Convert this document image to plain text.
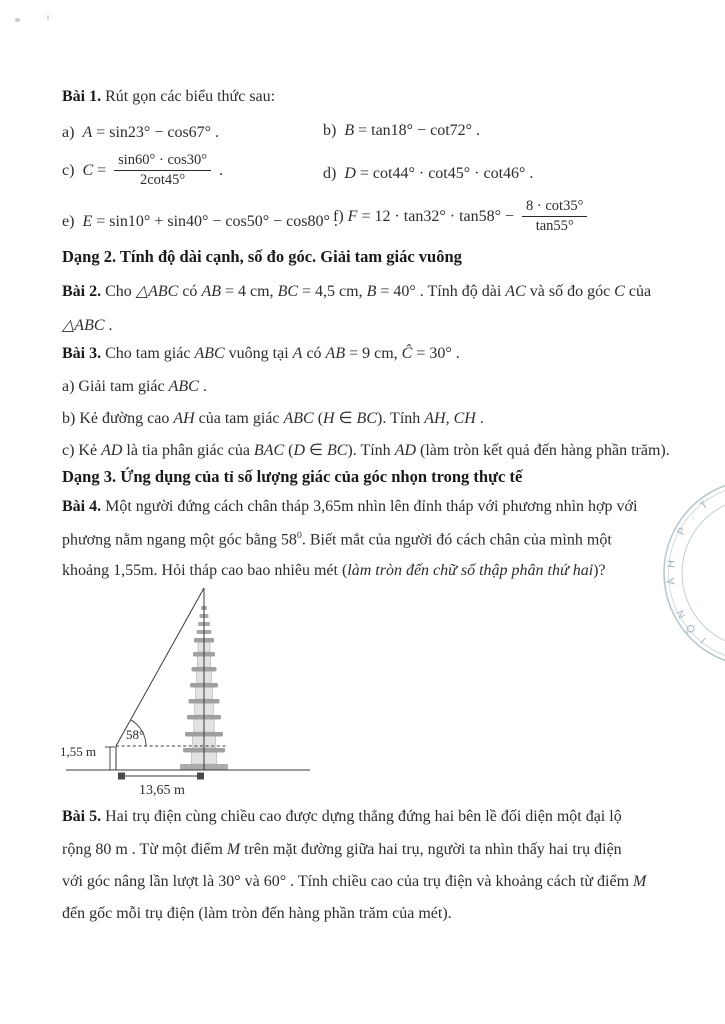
Bài 1. Rút gọn các biểu thức sau:
a)  A = sin23° − cos67° .	b)  B = tan18° − cot72° .
c) $C = \frac{\sin 60^\circ \cdot \cos 30^\circ}{2\cot 45^\circ}$ .	d)  D = cot44° · cot45° · cot46° .
e)  E = sin10° + sin40° − cos50° − cos80° .
f) $F = 12 \cdot \tan 32^\circ \cdot \tan 58^\circ - \frac{8 \cdot \cot 35^\circ}{\tan 55^\circ}$
Dạng 2. Tính độ dài cạnh, số đo góc. Giải tam giác vuông
Bài 2. Cho △ABC có AB = 4 cm, BC = 4,5 cm, B = 40° . Tính độ dài AC và số đo góc C của
△ABC .
Bài 3. Cho tam giác ABC vuông tại A có AB = 9 cm, Ĉ = 30° .
a) Giải tam giác ABC .
b) Kẻ đường cao AH của tam giác ABC (H ∈ BC). Tính AH, CH .
c) Kẻ AD là tia phân giác của BAC (D ∈ BC). Tính AD (làm tròn kết quả đến hàng phần trăm).
Dạng 3. Ứng dụng của tỉ số lượng giác của góc nhọn trong thực tế
Bài 4. Một người đứng cách chân tháp 3,65m nhìn lên đỉnh tháp với phương nhìn hợp với
phương nằm ngang một góc bằng $58^0$. Biết mắt của người đó cách chân của mình một
khoảng 1,55m. Hỏi tháp cao bao nhiêu mét (làm tròn đến chữ số thập phân thứ hai)?
58°
1,55 m
13,65 m
Bài 5. Hai trụ điện cùng chiều cao được dựng thẳng đứng hai bên lề đối diện một đại lộ
rộng 80 m . Từ một điểm M trên mặt đường giữa hai trụ, người ta nhìn thấy hai trụ điện
với góc nâng lần lượt là 30° và 60° . Tính chiều cao của trụ điện và khoảng cách từ điểm M
đến gốc mỗi trụ điện (làm tròn đến hàng phần trăm của mét).
T
.
P
H
À
N
Ộ
I
